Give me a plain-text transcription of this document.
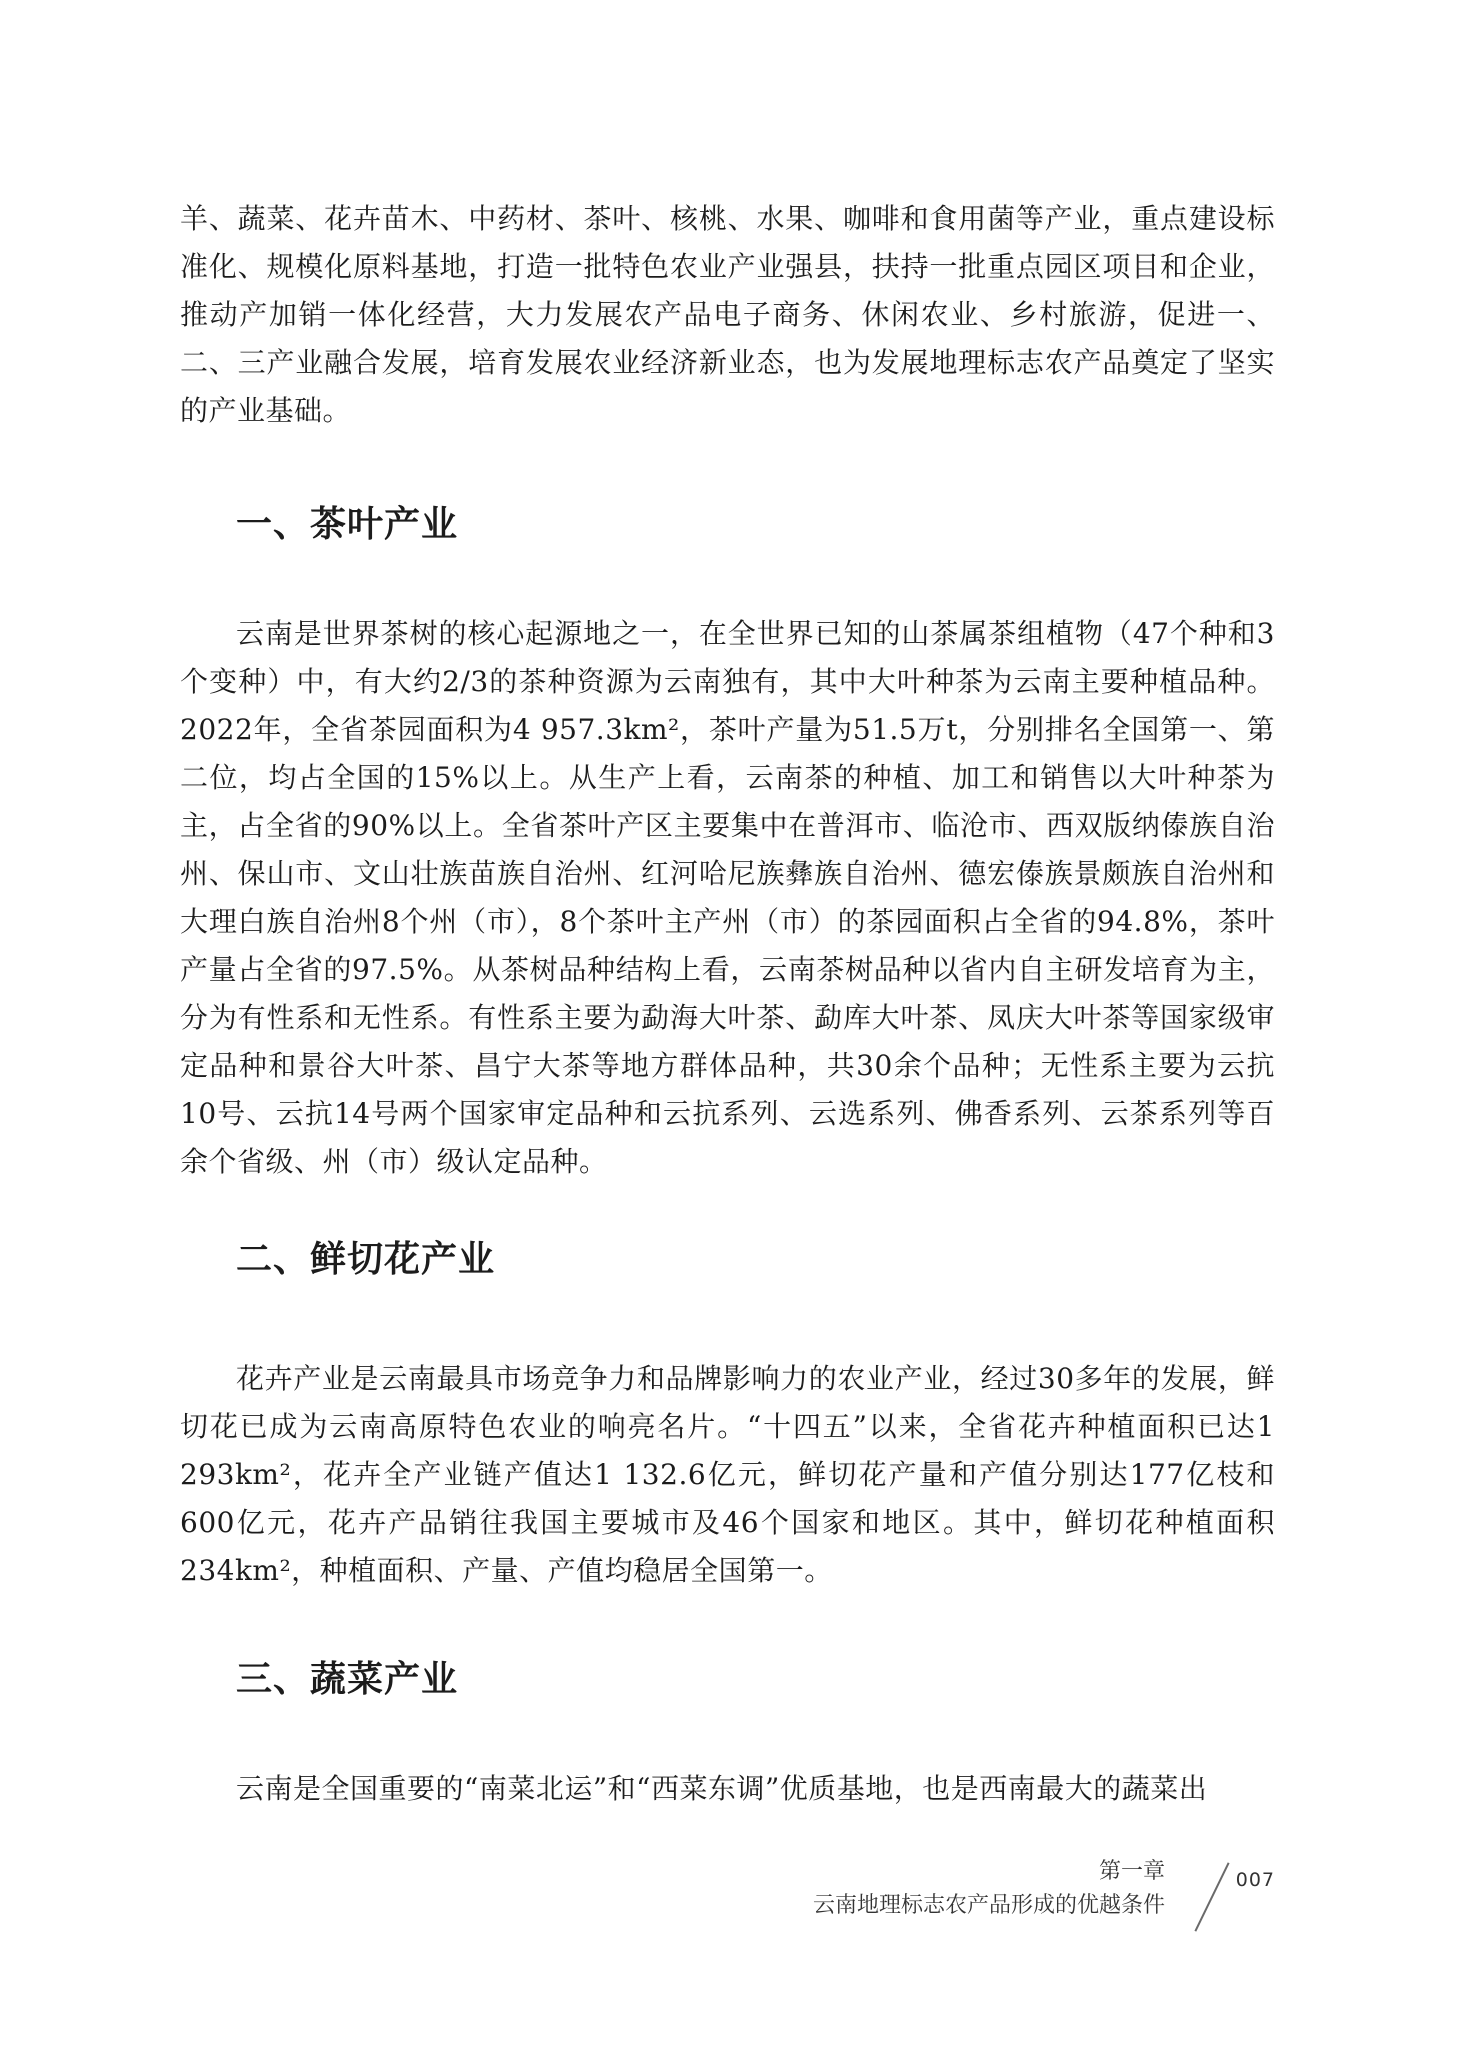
羊、蔬菜、花卉苗木、中药材、茶叶、核桃、水果、咖啡和食用菌等产业，重点建设标准化、规模化原料基地，打造一批特色农业产业强县，扶持一批重点园区项目和企业，推动产加销一体化经营，大力发展农产品电子商务、休闲农业、乡村旅游，促进一、二、三产业融合发展，培育发展农业经济新业态，也为发展地理标志农产品奠定了坚实的产业基础。

一、茶叶产业

云南是世界茶树的核心起源地之一，在全世界已知的山茶属茶组植物（47个种和3个变种）中，有大约2/3的茶种资源为云南独有，其中大叶种茶为云南主要种植品种。2022年，全省茶园面积为4 957.3km²，茶叶产量为51.5万t，分别排名全国第一、第二位，均占全国的15%以上。从生产上看，云南茶的种植、加工和销售以大叶种茶为主，占全省的90%以上。全省茶叶产区主要集中在普洱市、临沧市、西双版纳傣族自治州、保山市、文山壮族苗族自治州、红河哈尼族彝族自治州、德宏傣族景颇族自治州和大理白族自治州8个州（市），8个茶叶主产州（市）的茶园面积占全省的94.8%，茶叶产量占全省的97.5%。从茶树品种结构上看，云南茶树品种以省内自主研发培育为主，分为有性系和无性系。有性系主要为勐海大叶茶、勐库大叶茶、凤庆大叶茶等国家级审定品种和景谷大叶茶、昌宁大茶等地方群体品种，共30余个品种；无性系主要为云抗10号、云抗14号两个国家审定品种和云抗系列、云选系列、佛香系列、云茶系列等百余个省级、州（市）级认定品种。

二、鲜切花产业

花卉产业是云南最具市场竞争力和品牌影响力的农业产业，经过30多年的发展，鲜切花已成为云南高原特色农业的响亮名片。“十四五”以来，全省花卉种植面积已达1 293km²，花卉全产业链产值达1 132.6亿元，鲜切花产量和产值分别达177亿枝和600亿元，花卉产品销往我国主要城市及46个国家和地区。其中，鲜切花种植面积234km²，种植面积、产量、产值均稳居全国第一。

三、蔬菜产业

云南是全国重要的“南菜北运”和“西菜东调”优质基地，也是西南最大的蔬菜出

第一章
云南地理标志农产品形成的优越条件
007
